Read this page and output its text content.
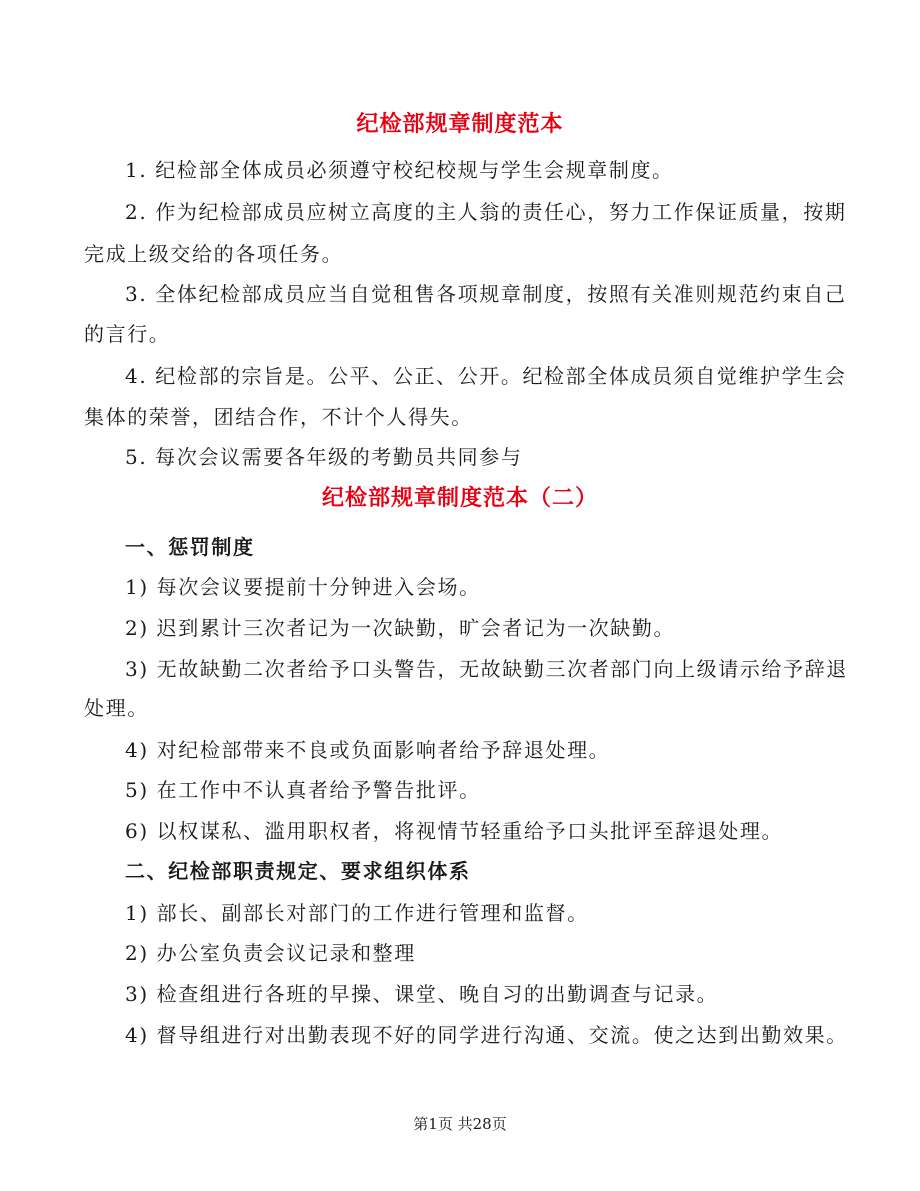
纪检部规章制度范本
1. 纪检部全体成员必须遵守校纪校规与学生会规章制度。
2. 作为纪检部成员应树立高度的主人翁的责任心，努力工作保证质量，按期
完成上级交给的各项任务。
3. 全体纪检部成员应当自觉租售各项规章制度，按照有关准则规范约束自己
的言行。
4. 纪检部的宗旨是。公平、公正、公开。纪检部全体成员须自觉维护学生会
集体的荣誉，团结合作，不计个人得失。
5. 每次会议需要各年级的考勤员共同参与
纪检部规章制度范本（二）
一、惩罚制度
1) 每次会议要提前十分钟进入会场。
2) 迟到累计三次者记为一次缺勤，旷会者记为一次缺勤。
3) 无故缺勤二次者给予口头警告，无故缺勤三次者部门向上级请示给予辞退
处理。
4) 对纪检部带来不良或负面影响者给予辞退处理。
5) 在工作中不认真者给予警告批评。
6) 以权谋私、滥用职权者，将视情节轻重给予口头批评至辞退处理。
二、纪检部职责规定、要求组织体系
1) 部长、副部长对部门的工作进行管理和监督。
2) 办公室负责会议记录和整理
3) 检查组进行各班的早操、课堂、晚自习的出勤调查与记录。
4) 督导组进行对出勤表现不好的同学进行沟通、交流。使之达到出勤效果。
第1页 共28页
